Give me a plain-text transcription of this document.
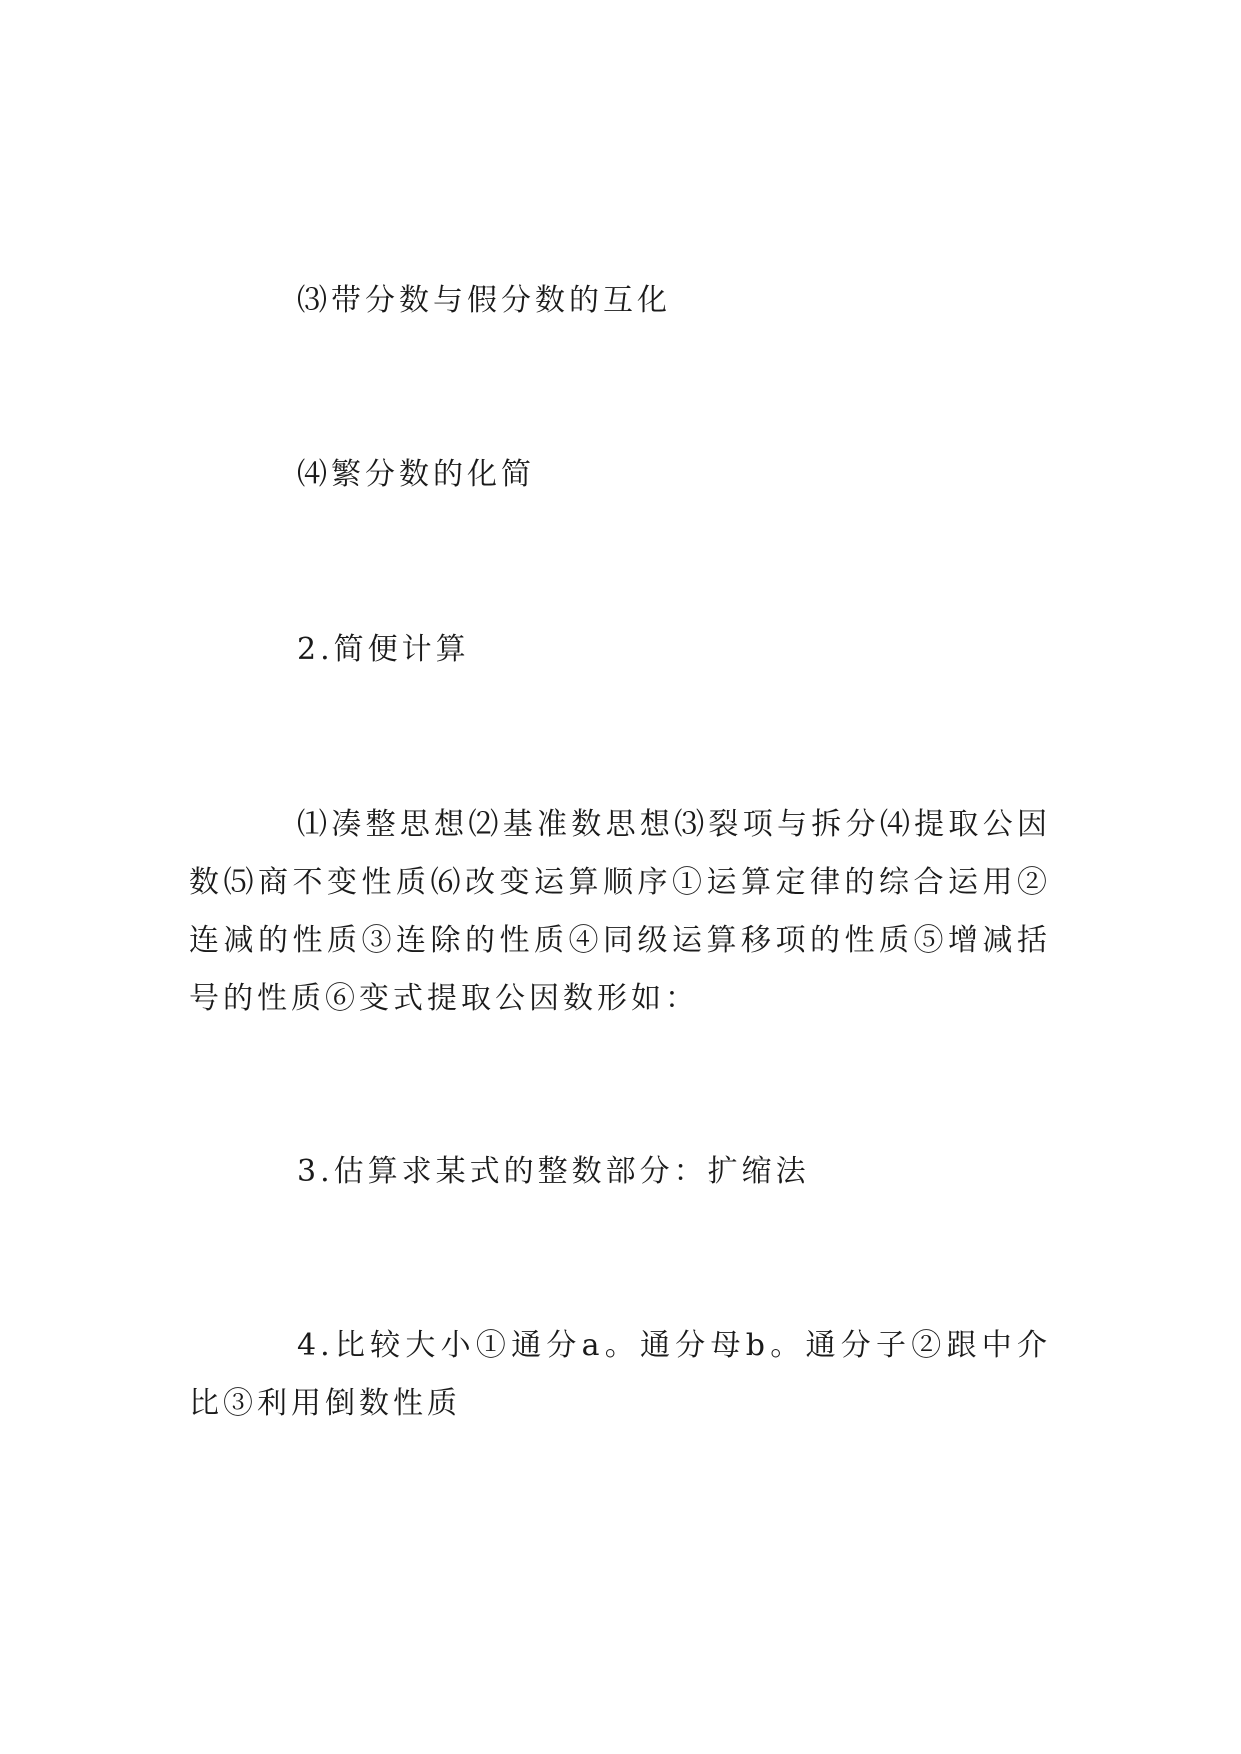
⑶带分数与假分数的互化

⑷繁分数的化简

2.简便计算

⑴凑整思想⑵基准数思想⑶裂项与拆分⑷提取公因数⑸商不变性质⑹改变运算顺序①运算定律的综合运用②连减的性质③连除的性质④同级运算移项的性质⑤增减括号的性质⑥变式提取公因数形如：

3.估算求某式的整数部分：扩缩法

4.比较大小①通分a。通分母b。通分子②跟中介比③利用倒数性质
